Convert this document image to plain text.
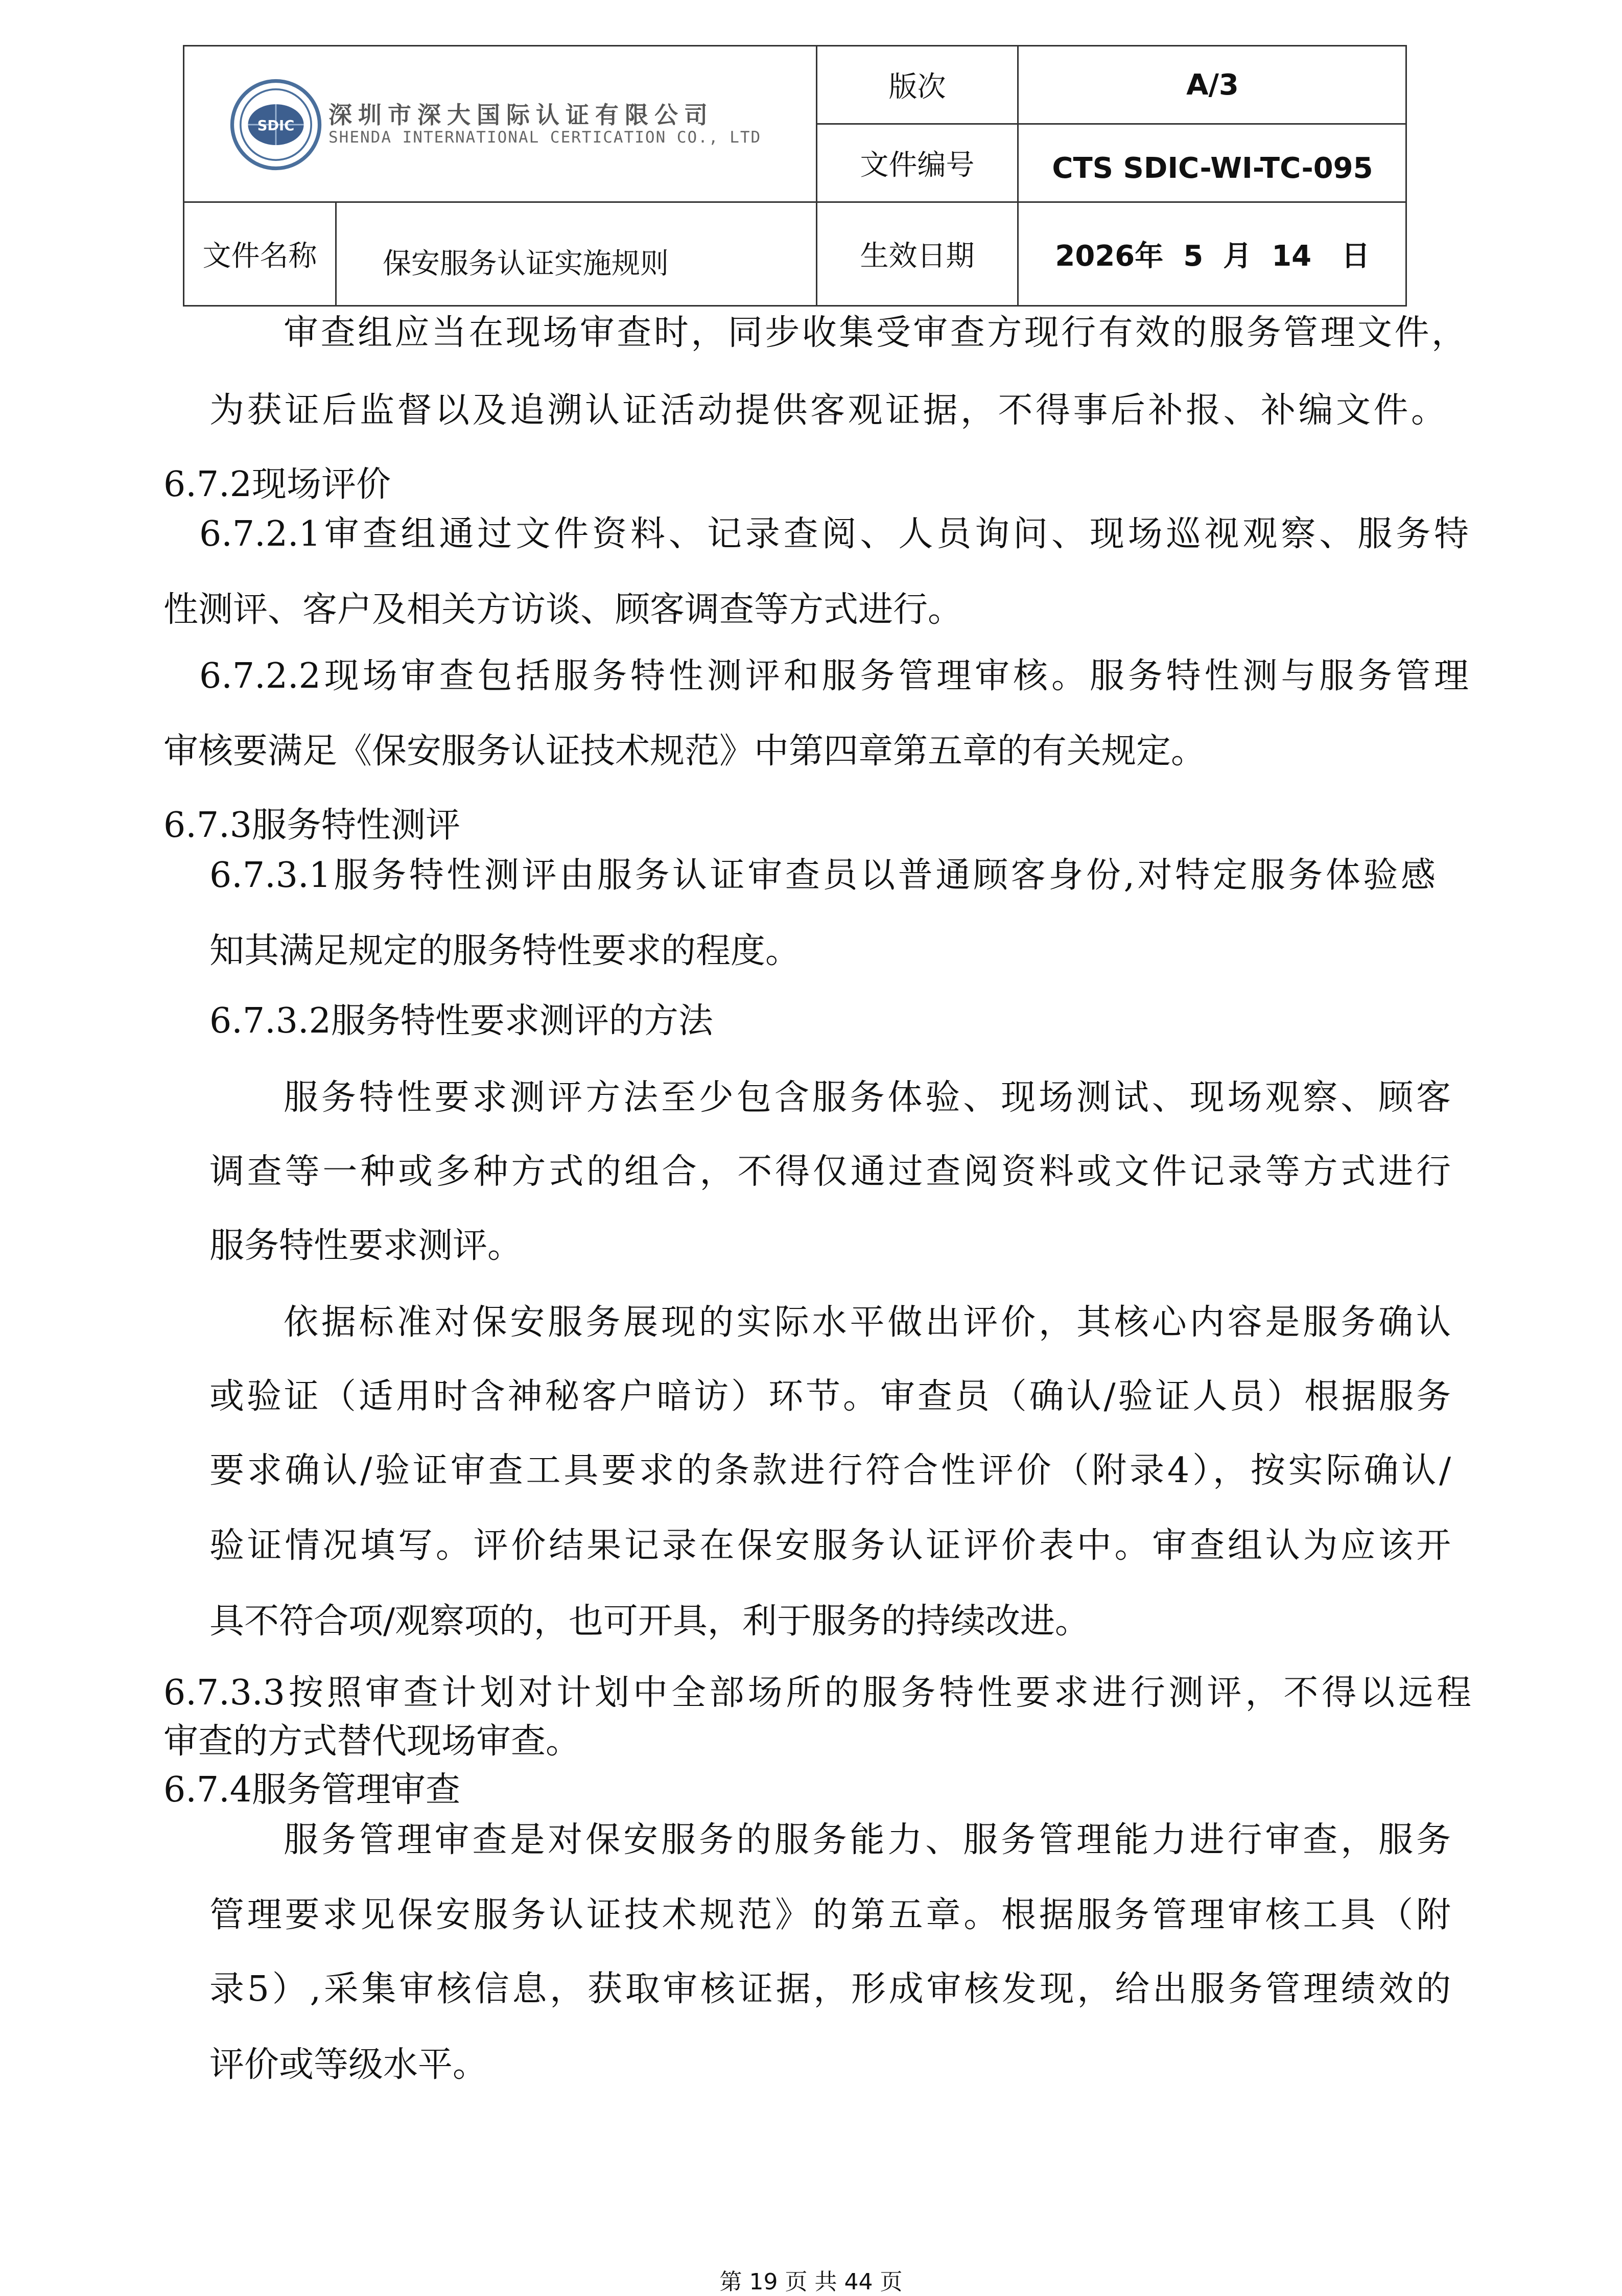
SDIC 深圳市深大国际认证有限公司
SHENDA INTERNATIONAL CERTICATION CO., LTD
版次	A/3
文件编号	CTS SDIC-WI-TC-095
文件名称	保安服务认证实施规则	生效日期	2026年  5  月  14   日
审查组应当在现场审查时，同步收集受审查方现行有效的服务管理文件，
为获证后监督以及追溯认证活动提供客观证据，不得事后补报、补编文件。
6.7.2现场评价
6.7.2.1审查组通过文件资料、记录查阅、人员询问、现场巡视观察、服务特
性测评、客户及相关方访谈、顾客调查等方式进行。
6.7.2.2现场审查包括服务特性测评和服务管理审核。服务特性测与服务管理
审核要满足《保安服务认证技术规范》中第四章第五章的有关规定。
6.7.3服务特性测评
6.7.3.1服务特性测评由服务认证审查员以普通顾客身份,对特定服务体验感
知其满足规定的服务特性要求的程度。
6.7.3.2服务特性要求测评的方法
服务特性要求测评方法至少包含服务体验、现场测试、现场观察、顾客
调查等一种或多种方式的组合，不得仅通过查阅资料或文件记录等方式进行
服务特性要求测评。
依据标准对保安服务展现的实际水平做出评价，其核心内容是服务确认
或验证（适用时含神秘客户暗访）环节。审查员（确认/验证人员）根据服务
要求确认/验证审查工具要求的条款进行符合性评价（附录4），按实际确认/
验证情况填写。评价结果记录在保安服务认证评价表中。审查组认为应该开
具不符合项/观察项的，也可开具，利于服务的持续改进。
6.7.3.3按照审查计划对计划中全部场所的服务特性要求进行测评，不得以远程
审查的方式替代现场审查。
6.7.4服务管理审查
服务管理审查是对保安服务的服务能力、服务管理能力进行审查，服务
管理要求见保安服务认证技术规范》的第五章。根据服务管理审核工具（附
录5）,采集审核信息，获取审核证据，形成审核发现，给出服务管理绩效的
评价或等级水平。
第 19 页 共 44 页
